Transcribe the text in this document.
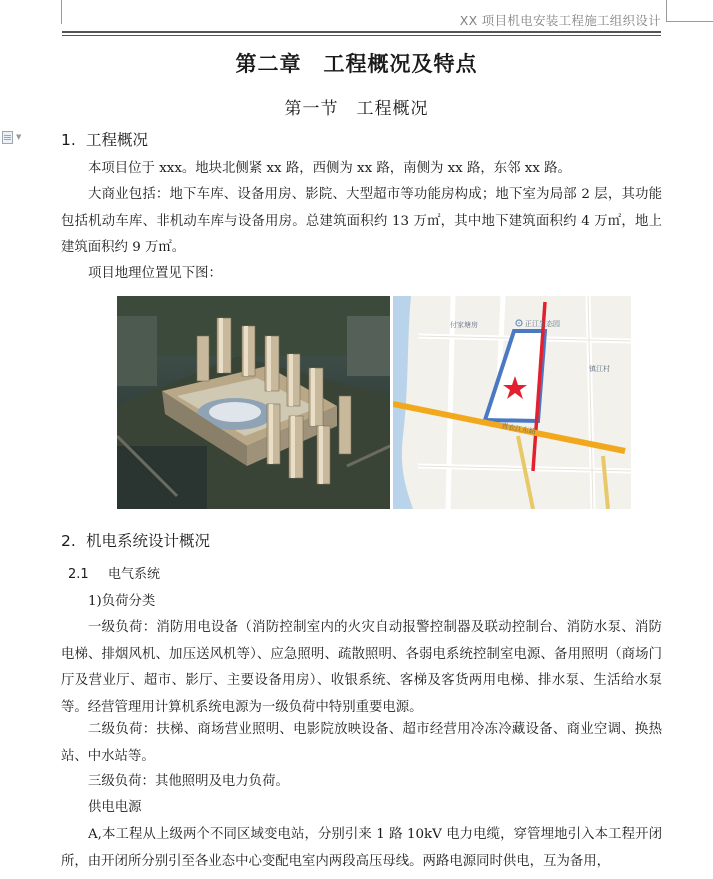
XX 项目机电安装工程施工组织设计
▼
第二章　工程概况及特点
第一节　工程概况
1. 工程概况
本项目位于 xxx。地块北侧紧 xx 路，西侧为 xx 路，南侧为 xx 路，东邻 xx 路。
大商业包括：地下车库、设备用房、影院、大型超市等功能房构成；地下室为局部 2 层，其功能包括机动车库、非机动车库与设备用房。总建筑面积约 13 万㎡，其中地下建筑面积约 4 万㎡，地上建筑面积约 9 万㎡。
项目地理位置见下图：
付家塘房	正江生态园
镇江村
青衣江东路
2. 机电系统设计概况
2.1 电气系统
1)负荷分类
一级负荷：消防用电设备（消防控制室内的火灾自动报警控制器及联动控制台、消防水泵、消防电梯、排烟风机、加压送风机等）、应急照明、疏散照明、各弱电系统控制室电源、备用照明（商场门厅及营业厅、超市、影厅、主要设备用房）、收银系统、客梯及客货两用电梯、排水泵、生活给水泵等。经营管理用计算机系统电源为一级负荷中特别重要电源。
二级负荷：扶梯、商场营业照明、电影院放映设备、超市经营用冷冻冷藏设备、商业空调、换热站、中水站等。
三级负荷：其他照明及电力负荷。
供电电源
A,本工程从上级两个不同区域变电站，分别引来 1 路 10kV 电力电缆，穿管埋地引入本工程开闭所，由开闭所分别引至各业态中心变配电室内两段高压母线。两路电源同时供电，互为备用，
